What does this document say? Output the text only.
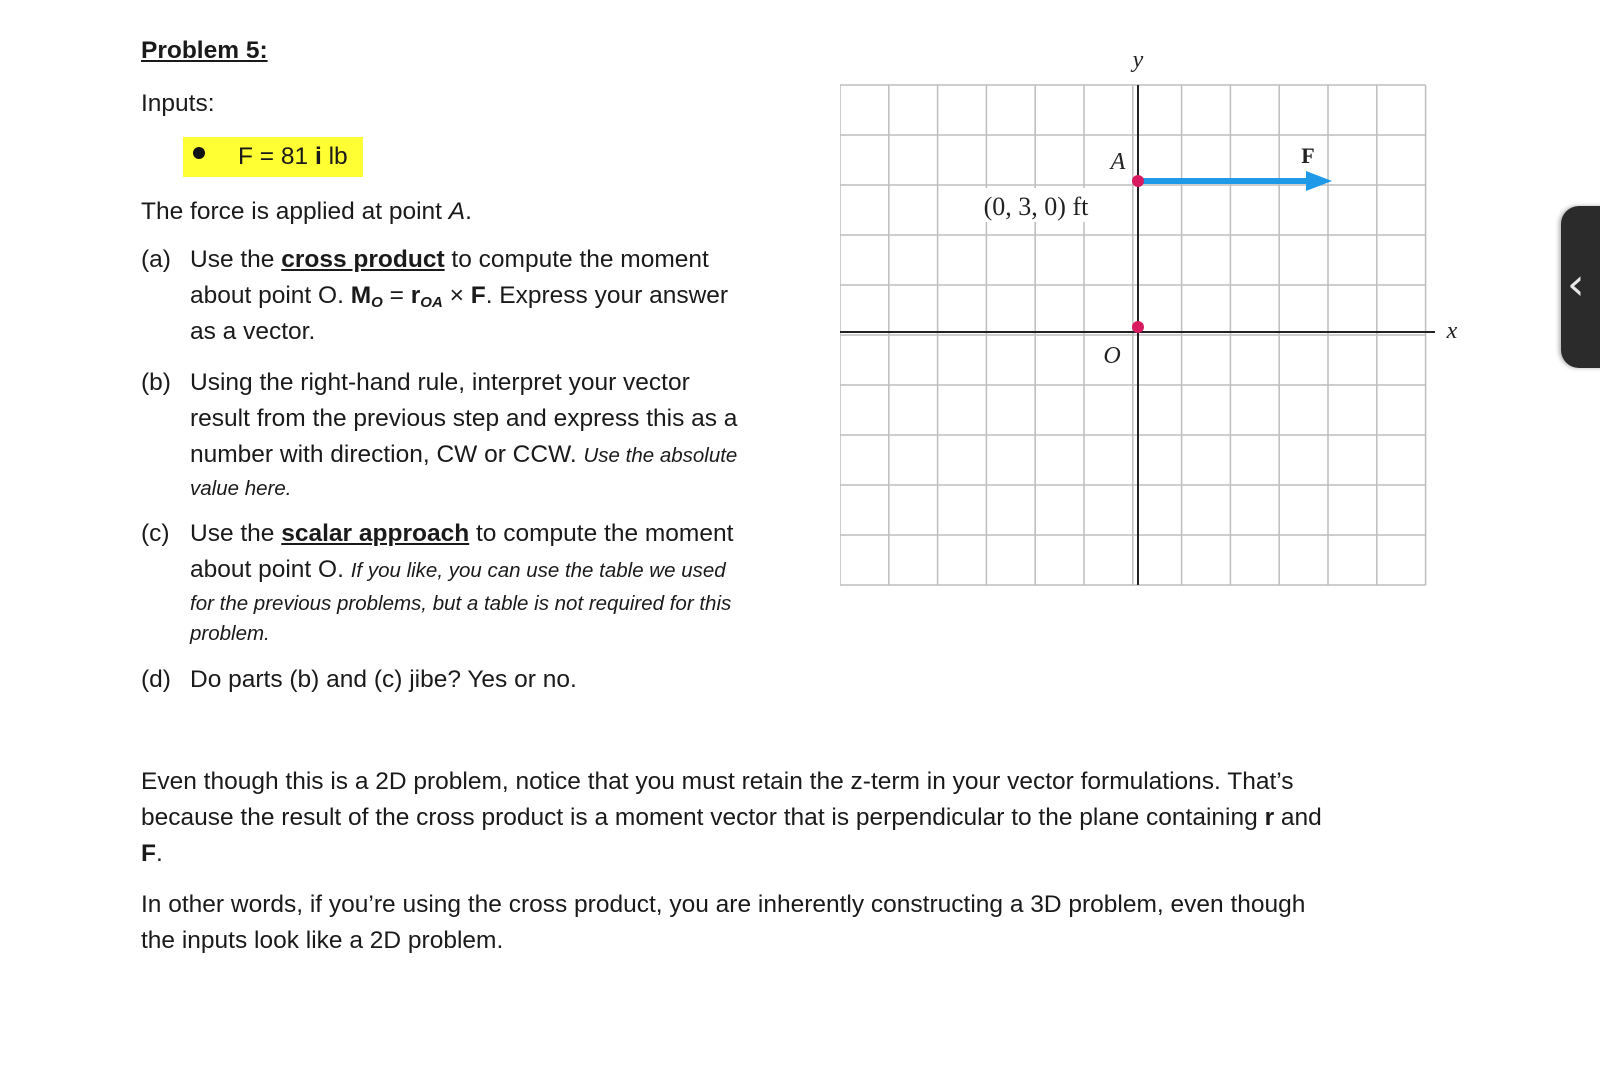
Problem 5:
Inputs:
F = 81 i lb
The force is applied at point A.
(a) Use the cross product to compute the moment
about point O. $M_O = r_{OA} \times F$. Express your answer
as a vector.
(b) Using the right-hand rule, interpret your vector
result from the previous step and express this as a
number with direction, CW or CCW. Use the absolute
value here.
(c) Use the scalar approach to compute the moment
about point O. If you like, you can use the table we used
for the previous problems, but a table is not required for this
problem.
(d) Do parts (b) and (c) jibe? Yes or no.
Even though this is a 2D problem, notice that you must retain the z-term in your vector formulations. That’s
because the result of the cross product is a moment vector that is perpendicular to the plane containing r and
F.
In other words, if you’re using the cross product, you are inherently constructing a 3D problem, even though
the inputs look like a 2D problem.
y
x
A
O
F
(0, 3, 0) ft
‹
